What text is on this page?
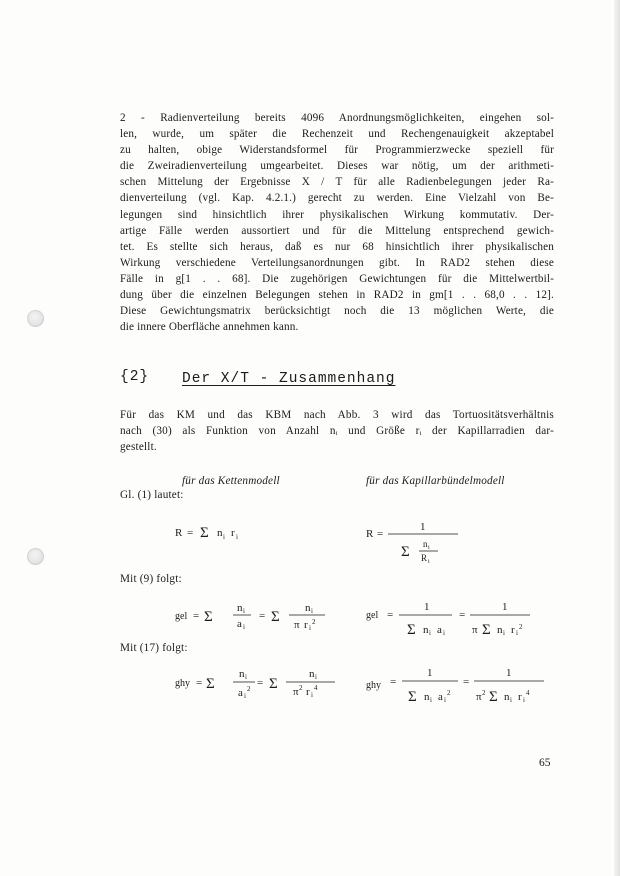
2 - Radienverteilung bereits 4096 Anordnungsmöglichkeiten, eingehen sol-
len, wurde, um später die Rechenzeit und Rechengenauigkeit akzeptabel
zu halten, obige Widerstandsformel für Programmierzwecke speziell für
die Zweiradienverteilung umgearbeitet. Dieses war nötig, um der arithmeti-
schen Mittelung der Ergebnisse X / T für alle Radienbelegungen jeder Ra-
dienverteilung (vgl. Kap. 4.2.1.) gerecht zu werden. Eine Vielzahl von Be-
legungen sind hinsichtlich ihrer physikalischen Wirkung kommutativ. Der-
artige Fälle werden aussortiert und für die Mittelung entsprechend gewich-
tet. Es stellte sich heraus, daß es nur 68 hinsichtlich ihrer physikalischen
Wirkung verschiedene Verteilungsanordnungen gibt. In RAD2 stehen diese
Fälle in g[1 . . 68]. Die zugehörigen Gewichtungen für die Mittelwertbil-
dung über die einzelnen Belegungen stehen in RAD2 in gm[1 . . 68,0 . . 12].
Diese Gewichtungsmatrix berücksichtigt noch die 13 möglichen Werte, die
die innere Oberfläche annehmen kann.
{2} Der X/T - Zusammenhang
Für das KM und das KBM nach Abb. 3 wird das Tortuositätsverhältnis
nach (30) als Funktion von Anzahl nᵢ und Größe rᵢ der Kapillarradien dar-
gestellt.
für das Kettenmodell	für das Kapillarbündelmodell
Gl. (1) lautet:
Mit (9) folgt:
Mit (17) folgt:
R = Σ n i r i	R =
1
Σ n i
R i
gel = Σ
n i
a i
= Σ
n i
π r i
2
gel =
1
Σ n i a i
=
1
π Σ n i r i
2
ghy = Σ
n i
a i
2 = Σ
n i
π 2 r i
4	ghy =
1
Σ n i a i
2
=
1
π 2 Σ n i r i
4
65
